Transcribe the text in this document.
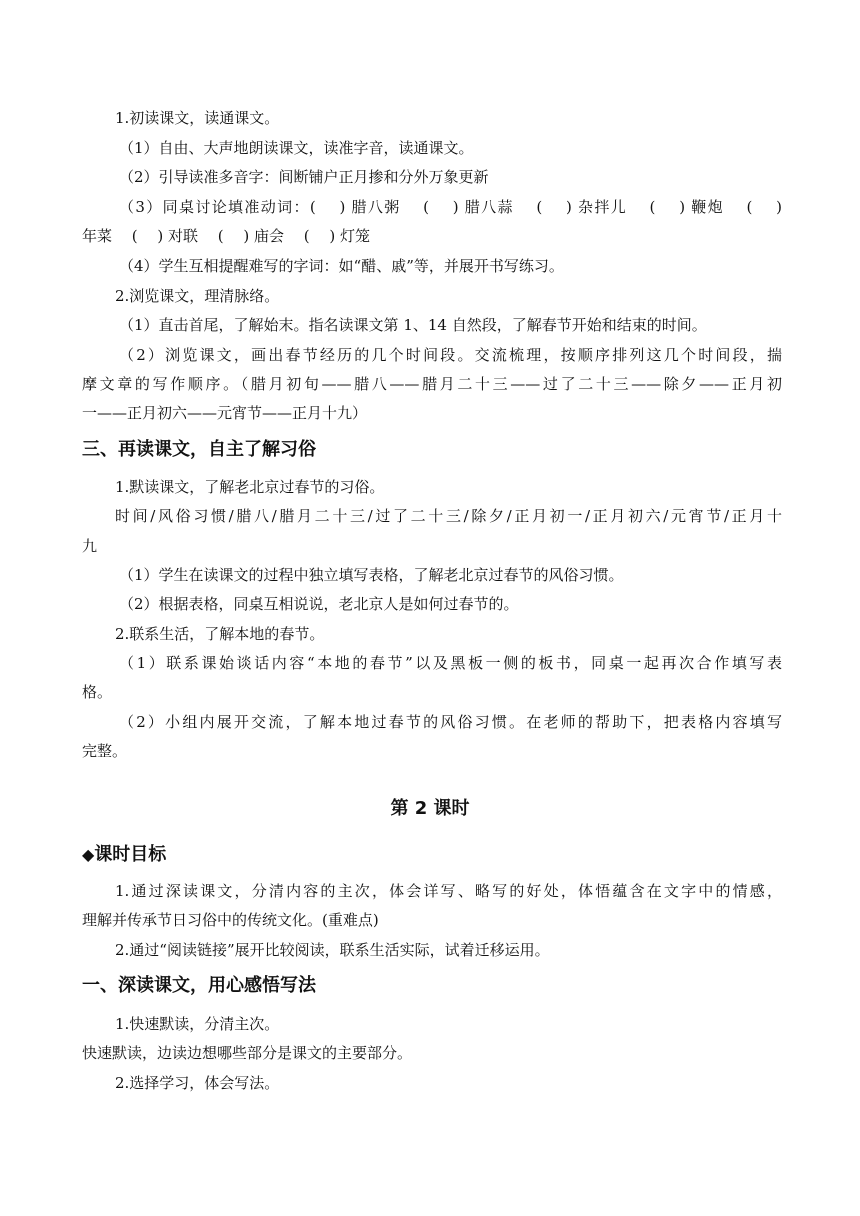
1.初读课文，读通课文。
（1）自由、大声地朗读课文，读准字音，读通课文。
（2）引导读准多音字：间断铺户正月掺和分外万象更新
（3）同桌讨论填准动词：(　 ) 腊八粥　 (　 ) 腊八蒜　 (　 ) 杂拌儿　 (　 ) 鞭炮　 (　 )
年菜　 (　 ) 对联　 (　 ) 庙会　 (　 ) 灯笼
（4）学生互相提醒难写的字词：如“醋、戚”等，并展开书写练习。
2.浏览课文，理清脉络。
（1）直击首尾，了解始末。指名读课文第 1、14 自然段，了解春节开始和结束的时间。
（2）浏览课文，画出春节经历的几个时间段。交流梳理，按顺序排列这几个时间段，揣
摩文章的写作顺序。（腊月初旬——腊八——腊月二十三——过了二十三——除夕——正月初
一——正月初六——元宵节——正月十九）
三、再读课文，自主了解习俗
1.默读课文，了解老北京过春节的习俗。
时间/风俗习惯/腊八/腊月二十三/过了二十三/除夕/正月初一/正月初六/元宵节/正月十
九
（1）学生在读课文的过程中独立填写表格，了解老北京过春节的风俗习惯。
（2）根据表格，同桌互相说说，老北京人是如何过春节的。
2.联系生活，了解本地的春节。
（1）联系课始谈话内容“本地的春节”以及黑板一侧的板书，同桌一起再次合作填写表
格。
（2）小组内展开交流，了解本地过春节的风俗习惯。在老师的帮助下，把表格内容填写
完整。
第 2 课时
◆课时目标
1.通过深读课文，分清内容的主次，体会详写、略写的好处，体悟蕴含在文字中的情感，
理解并传承节日习俗中的传统文化。(重难点)
2.通过“阅读链接”展开比较阅读，联系生活实际，试着迁移运用。
一、深读课文，用心感悟写法
1.快速默读，分清主次。
快速默读，边读边想哪些部分是课文的主要部分。
2.选择学习，体会写法。
